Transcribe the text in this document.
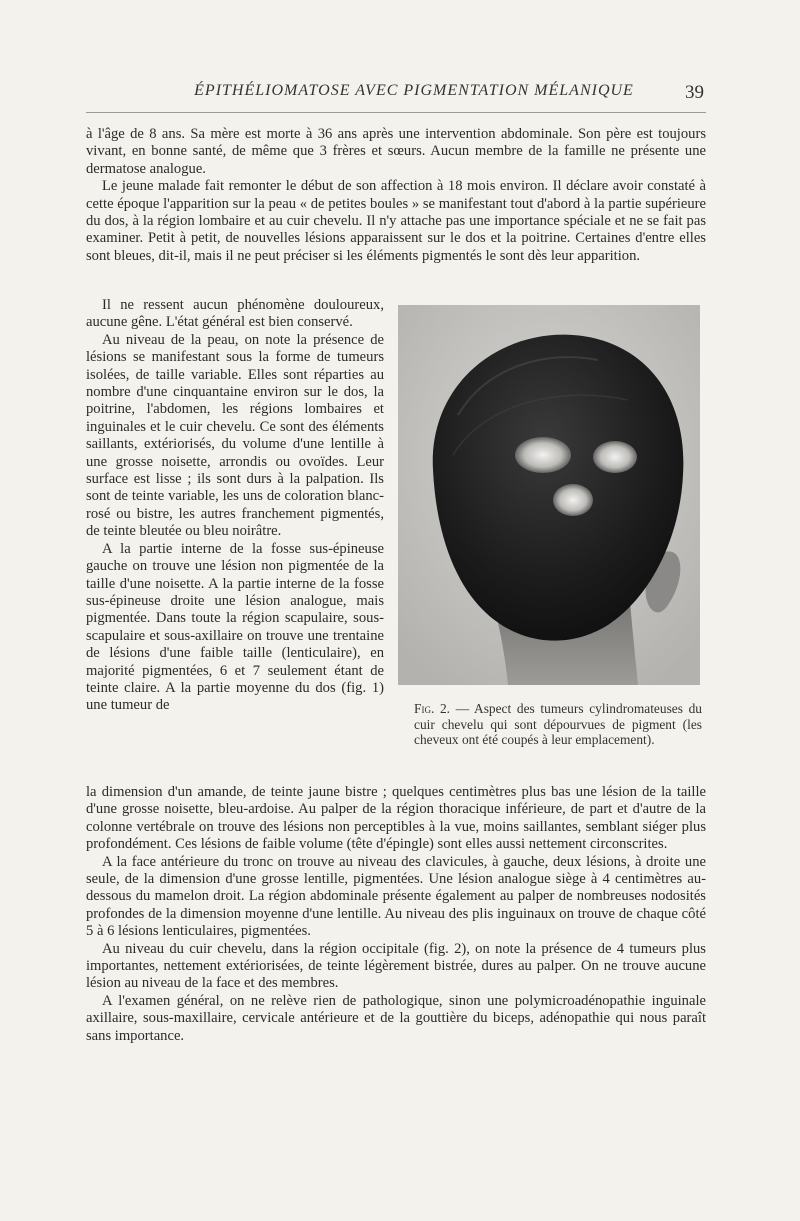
ÉPITHÉLIOMATOSE AVEC PIGMENTATION MÉLANIQUE	39

à l'âge de 8 ans. Sa mère est morte à 36 ans après une intervention abdominale. Son père est toujours vivant, en bonne santé, de même que 3 frères et sœurs. Aucun membre de la famille ne présente une dermatose analogue.

Le jeune malade fait remonter le début de son affection à 18 mois environ. Il déclare avoir constaté à cette époque l'apparition sur la peau « de petites boules » se manifestant tout d'abord à la partie supérieure du dos, à la région lombaire et au cuir chevelu. Il n'y attache pas une importance spéciale et ne se fait pas examiner. Petit à petit, de nouvelles lésions apparaissent sur le dos et la poitrine. Certaines d'entre elles sont bleues, dit-il, mais il ne peut préciser si les éléments pigmentés le sont dès leur apparition.

Il ne ressent aucun phénomène douloureux, aucune gêne. L'état général est bien conservé.

Au niveau de la peau, on note la présence de lésions se manifestant sous la forme de tumeurs isolées, de taille variable. Elles sont réparties au nombre d'une cinquantaine environ sur le dos, la poitrine, l'abdomen, les régions lombaires et inguinales et le cuir chevelu. Ce sont des éléments saillants, extériorisés, du volume d'une lentille à une grosse noisette, arrondis ou ovoïdes. Leur surface est lisse ; ils sont durs à la palpation. Ils sont de teinte variable, les uns de coloration blanc-rosé ou bistre, les autres franchement pigmentés, de teinte bleutée ou bleu noirâtre.

A la partie interne de la fosse sus-épineuse gauche on trouve une lésion non pigmentée de la taille d'une noisette. A la partie interne de la fosse sus-épineuse droite une lésion analogue, mais pigmentée. Dans toute la région scapulaire, sous-scapulaire et sous-axillaire on trouve une trentaine de lésions d'une faible taille (lenticulaire), en majorité pigmentées, 6 et 7 seulement étant de teinte claire. A la partie moyenne du dos (fig. 1) une tumeur de	Fig. 2. — Aspect des tumeurs cylindromateuses du cuir chevelu qui sont dépourvues de pigment (les cheveux ont été coupés à leur emplacement).

la dimension d'un amande, de teinte jaune bistre ; quelques centimètres plus bas une lésion de la taille d'une grosse noisette, bleu-ardoise. Au palper de la région thoracique inférieure, de part et d'autre de la colonne vertébrale on trouve des lésions non perceptibles à la vue, moins saillantes, semblant siéger plus profondément. Ces lésions de faible volume (tête d'épingle) sont elles aussi nettement circonscrites.

A la face antérieure du tronc on trouve au niveau des clavicules, à gauche, deux lésions, à droite une seule, de la dimension d'une grosse lentille, pigmentées. Une lésion analogue siège à 4 centimètres au-dessous du mamelon droit. La région abdominale présente également au palper de nombreuses nodosités profondes de la dimension moyenne d'une lentille. Au niveau des plis inguinaux on trouve de chaque côté 5 à 6 lésions lenticulaires, pigmentées.

Au niveau du cuir chevelu, dans la région occipitale (fig. 2), on note la présence de 4 tumeurs plus importantes, nettement extériorisées, de teinte légèrement bistrée, dures au palper. On ne trouve aucune lésion au niveau de la face et des membres.

A l'examen général, on ne relève rien de pathologique, sinon une polymicroadénopathie inguinale axillaire, sous-maxillaire, cervicale antérieure et de la gouttière du biceps, adénopathie qui nous paraît sans importance.
